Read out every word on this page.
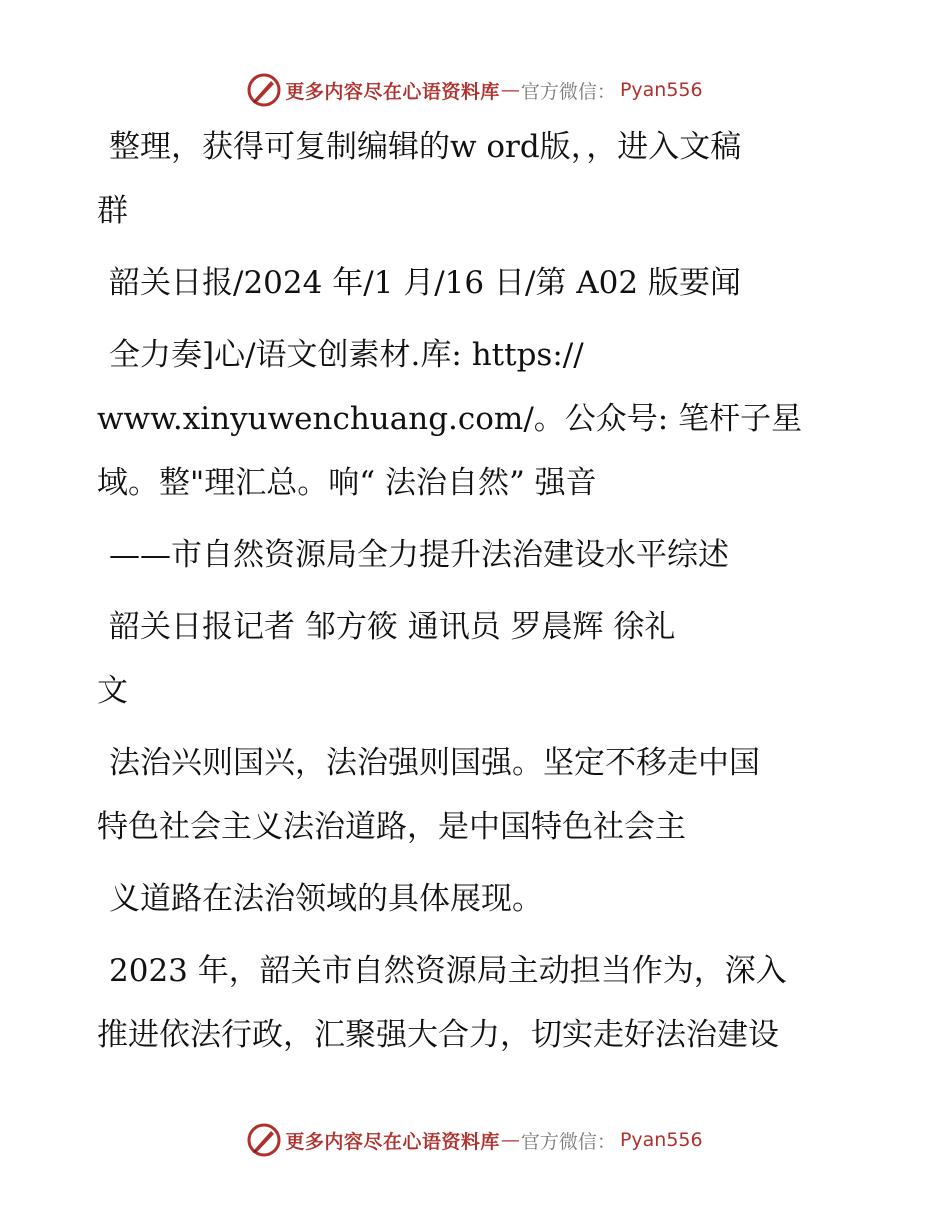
更多内容尽在心语资料库 — 官方微信： Pyan556
整理，获得可复制编辑的w ord版，，进入文稿
群
韶关日报/2024 年/1 月/16 日/第 A02 版要闻
全力奏]心/语文创素材.库: https://
www.xinyuwenchuang.com/。公众号: 笔杆子星
域。整"理汇总。响“ 法治自然” 强音
——市自然资源局全力提升法治建设水平综述
韶关日报记者 邹方筱 通讯员 罗晨辉 徐礼
文
法治兴则国兴，法治强则国强。坚定不移走中国
特色社会主义法治道路，是中国特色社会主
义道路在法治领域的具体展现。
2023 年，韶关市自然资源局主动担当作为，深入
推进依法行政，汇聚强大合力，切实走好法治建设
更多内容尽在心语资料库 — 官方微信： Pyan556
